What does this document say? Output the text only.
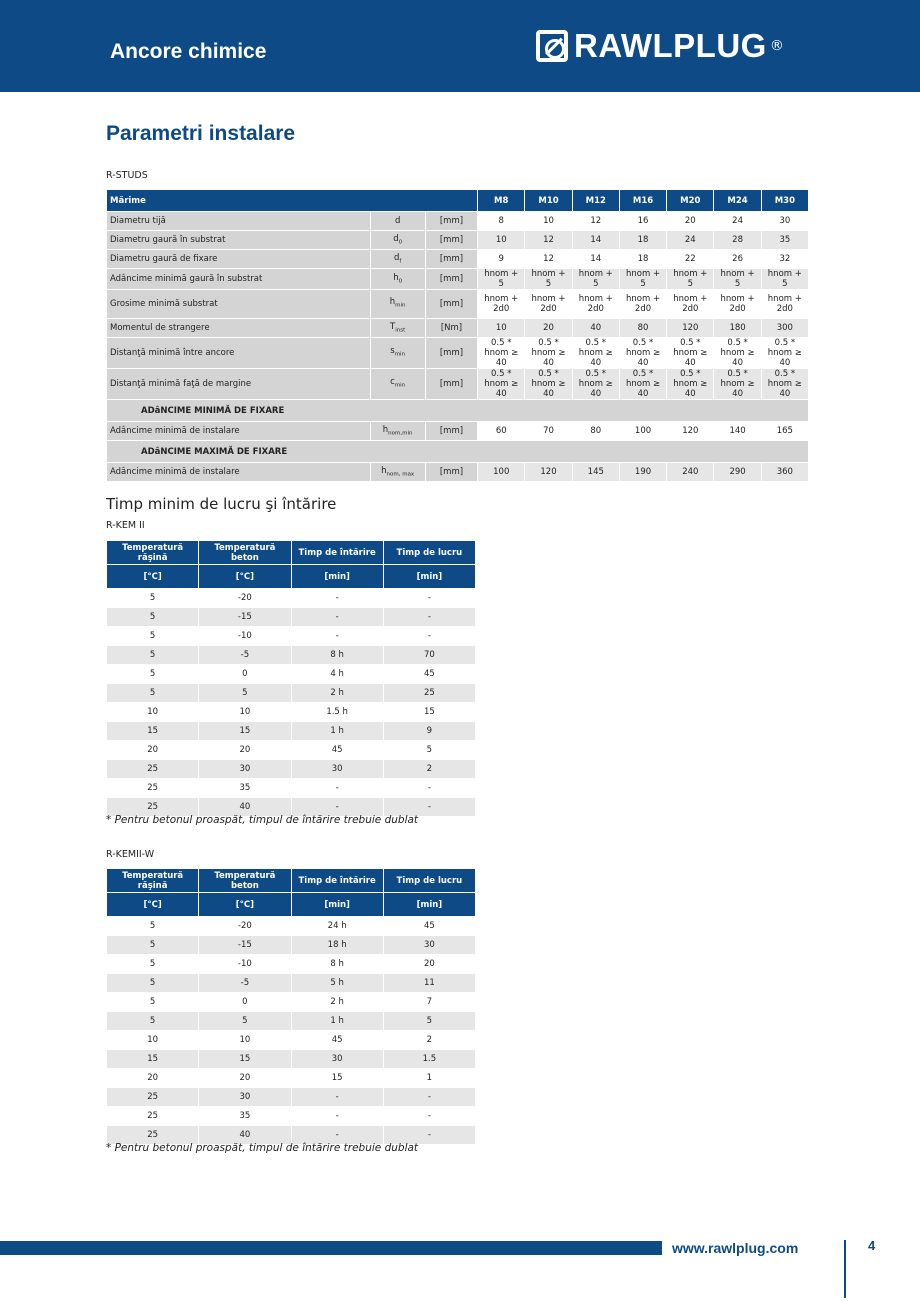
Ancore chimice	RAWLPLUG ®
Parametri instalare
R-STUDS
Mărime			M8	M10	M12	M16	M20	M24	M30
Diametru tijă	d	[mm]	8	10	12	16	20	24	30
Diametru gaură în substrat	$d_0$	[mm]	10	12	14	18	24	28	35
Diametru gaură de fixare	$d_f$	[mm]	9	12	14	18	22	26	32
Adâncime minimă gaură în substrat	$h_0$	[mm]	hnom + 5	hnom + 5	hnom + 5	hnom + 5	hnom + 5	hnom + 5	hnom + 5
Grosime minimă substrat	$h_{min}$	[mm]	hnom + 2d0	hnom + 2d0	hnom + 2d0	hnom + 2d0	hnom + 2d0	hnom + 2d0	hnom + 2d0
Momentul de strangere	$T_{inst}$	[Nm]	10	20	40	80	120	180	300
Distanţă minimă între ancore	$s_{min}$	[mm]	0.5 * hnom ≥ 40	0.5 * hnom ≥ 40	0.5 * hnom ≥ 40	0.5 * hnom ≥ 40	0.5 * hnom ≥ 40	0.5 * hnom ≥ 40	0.5 * hnom ≥ 40
Distanţă minimă faţă de margine	$c_{min}$	[mm]	0.5 * hnom ≥ 40	0.5 * hnom ≥ 40	0.5 * hnom ≥ 40	0.5 * hnom ≥ 40	0.5 * hnom ≥ 40	0.5 * hnom ≥ 40	0.5 * hnom ≥ 40
ADâNCIME MINIMĂ DE FIXARE									
Adâncime minimă de instalare	$h_{nom,min}$	[mm]	60	70	80	100	120	140	165
ADâNCIME MAXIMĂ DE FIXARE									
Adâncime minimă de instalare	$h_{nom, max}$	[mm]	100	120	145	190	240	290	360
Timp minim de lucru şi întărire
R-KEM II
Temperatură răşină	Temperatură beton	Timp de întărire	Timp de lucru
[°C]	[°C]	[min]	[min]
5	-20	-	-
5	-15	-	-
5	-10	-	-
5	-5	8 h	70
5	0	4 h	45
5	5	2 h	25
10	10	1.5 h	15
15	15	1 h	9
20	20	45	5
25	30	30	2
25	35	-	-
25	40	-	-
* Pentru betonul proaspăt, timpul de întărire trebuie dublat
R-KEMII-W
Temperatură răşină	Temperatură beton	Timp de întărire	Timp de lucru
[°C]	[°C]	[min]	[min]
5	-20	24 h	45
5	-15	18 h	30
5	-10	8 h	20
5	-5	5 h	11
5	0	2 h	7
5	5	1 h	5
10	10	45	2
15	15	30	1.5
20	20	15	1
25	30	-	-
25	35	-	-
25	40	-	-
* Pentru betonul proaspăt, timpul de întărire trebuie dublat
www.rawlplug.com	4
